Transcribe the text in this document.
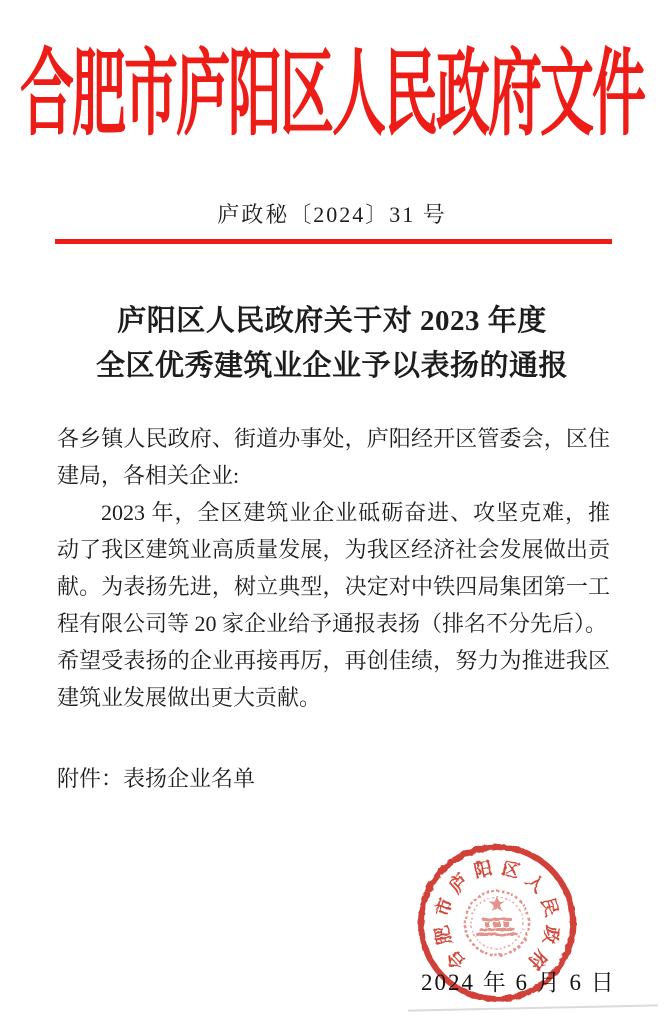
合肥市庐阳区人民政府文件
庐政秘〔2024〕31 号
庐阳区人民政府关于对 2023 年度
全区优秀建筑业企业予以表扬的通报

各乡镇人民政府、街道办事处，庐阳经开区管委会，区住建局，各相关企业:

2023 年，全区建筑业企业砥砺奋进、攻坚克难，推动了我区建筑业高质量发展，为我区经济社会发展做出贡献。为表扬先进，树立典型，决定对中铁四局集团第一工程有限公司等 20 家企业给予通报表扬（排名不分先后）。

希望受表扬的企业再接再厉，再创佳绩，努力为推进我区建筑业发展做出更大贡献。

附件：表扬企业名单

2024 年 6 月 6 日
合
肥
市
庐
阳 区
人
民
政
府
